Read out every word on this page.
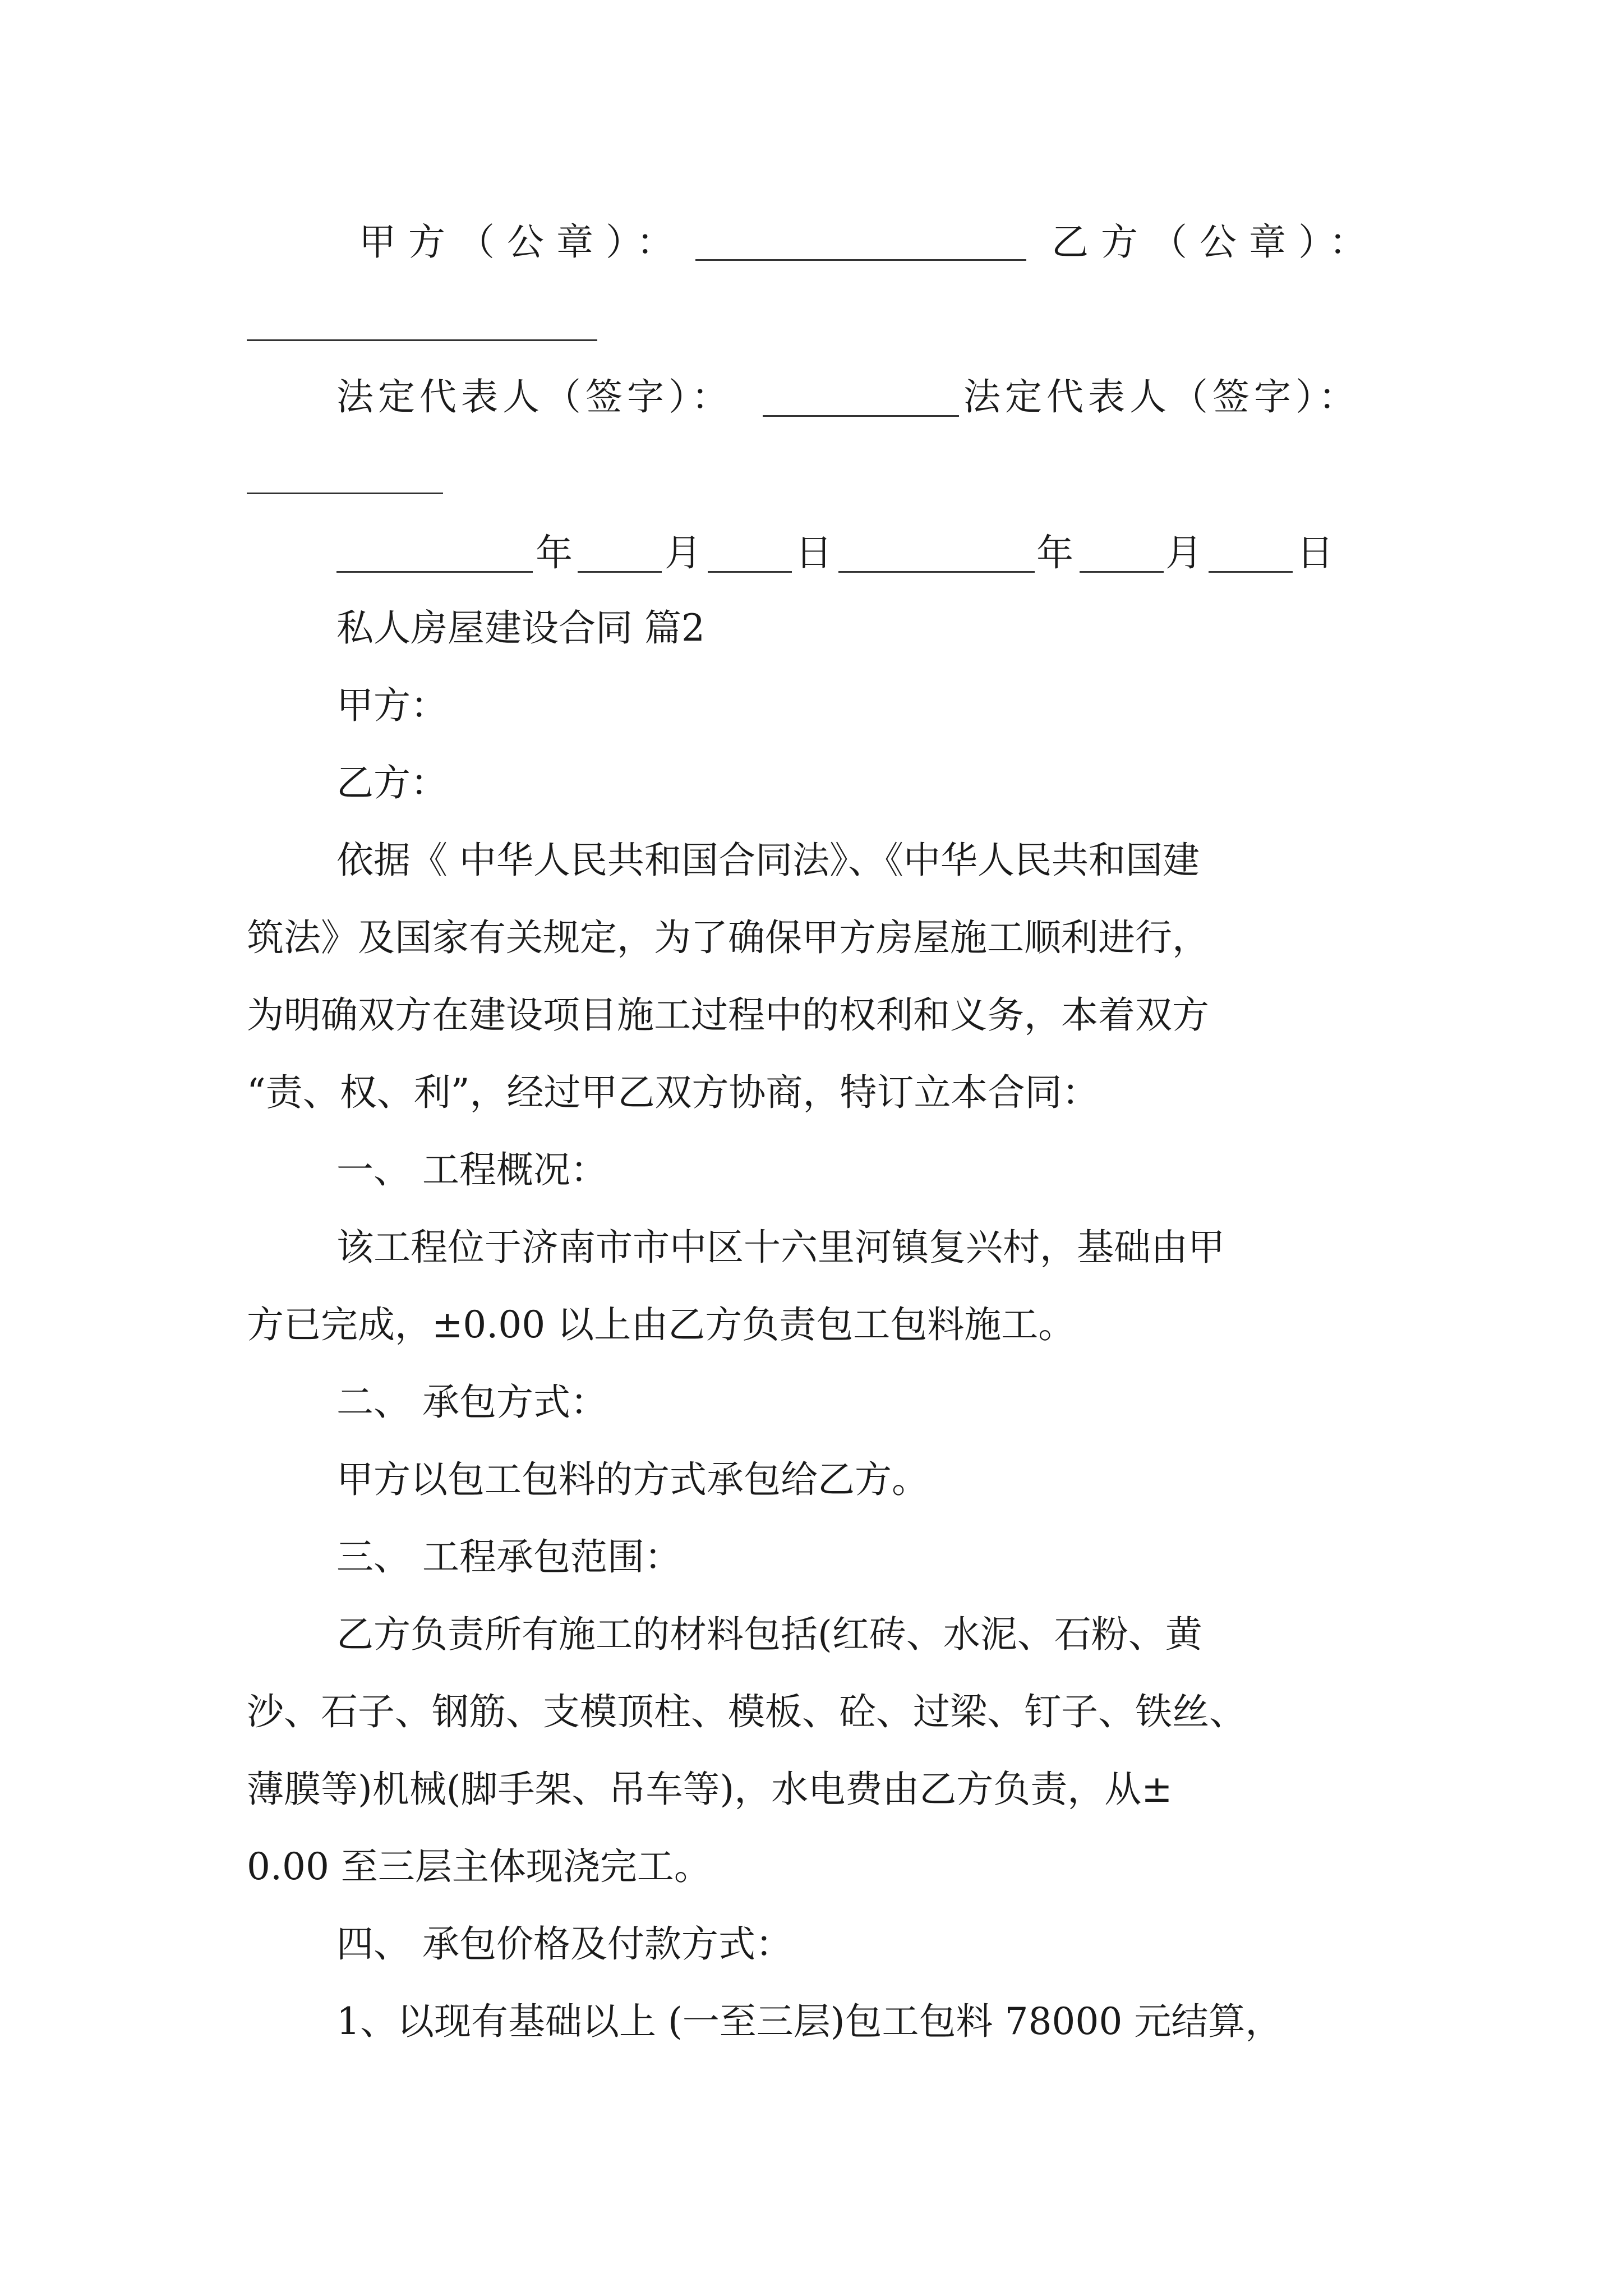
甲方（公章）：	乙方（公章）：
法定代表人（签字）：	法定代表人（签字）：
年 月	日	年 月	日
私人房屋建设合同 篇2
甲方：
乙方：
依据《 中华人民共和国合同法》、《中华人民共和国建
筑法》及国家有关规定，为了确保甲方房屋施工顺利进行，
为明确双方在建设项目施工过程中的权利和义务，本着双方
“责、权、利”，经过甲乙双方协商，特订立本合同：
一、 工程概况：
该工程位于济南市市中区十六里河镇复兴村，基础由甲
方已完成，±0.00 以上由乙方负责包工包料施工。
二、 承包方式：
甲方以包工包料的方式承包给乙方。
三、 工程承包范围：
乙方负责所有施工的材料包括(红砖、水泥、石粉、黄
沙、石子、钢筋、支模顶柱、模板、砼、过梁、钉子、铁丝、
薄膜等)机械(脚手架、吊车等)，水电费由乙方负责，从±
0.00 至三层主体现浇完工。
四、 承包价格及付款方式：
1、以现有基础以上 (一至三层)包工包料 78000 元结算，
